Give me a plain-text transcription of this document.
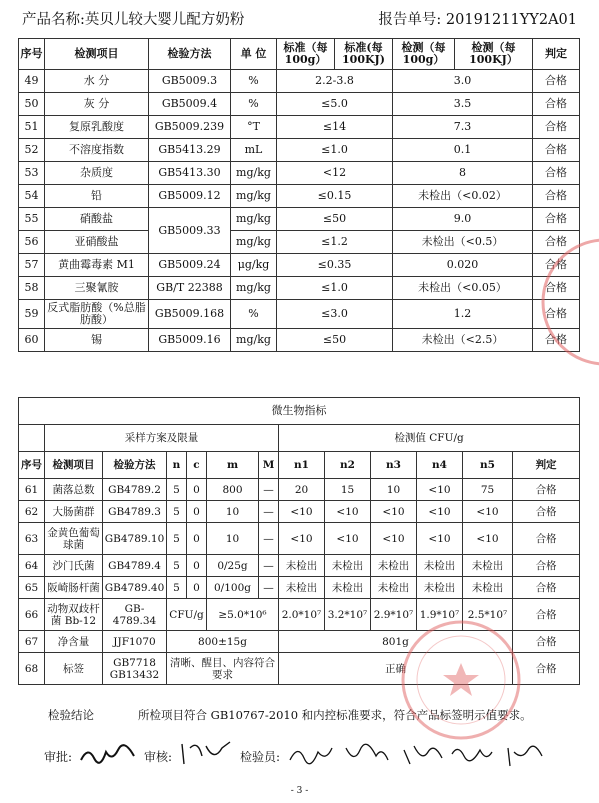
产品名称:英贝儿较大婴儿配方奶粉	报告单号: 20191211YY2A01
序号	检测项目	检验方法	单 位	标准（每100g）	标准(每100KJ)	检测（每100g）	检测（每100KJ）	判定
49	水 分	GB5009.3	%	2.2-3.8		3.0		合格
50	灰 分	GB5009.4	%	≤5.0		3.5		合格
51	复原乳酸度	GB5009.239	°T	≤14		7.3		合格
52	不溶度指数	GB5413.29	mL	≤1.0		0.1		合格
53	杂质度	GB5413.30	mg/kg	<12		8		合格
54	铅	GB5009.12	mg/kg	≤0.15		未检出（<0.02）		合格
55	硝酸盐	GB5009.33	mg/kg	≤50		9.0		合格
56	亚硝酸盐		mg/kg	≤1.2		未检出（<0.5）		合格
57	黄曲霉毒素 M1	GB5009.24	μg/kg	≤0.35		0.020		合格
58	三聚氰胺	GB/T 22388	mg/kg	≤1.0		未检出（<0.05）		合格
59	反式脂肪酸（%总脂肪酸）	GB5009.168	%	≤3.0		1.2		合格
60	锡	GB5009.16	mg/kg	≤50		未检出（<2.5）		合格
微生物指标												
	采样方案及限量						检测值 CFU/g					
序号	检测项目	检验方法	n	c	m	M	n1	n2	n3	n4	n5	判定
61	菌落总数	GB4789.2	5	0	800	—	20	15	10	<10	75	合格
62	大肠菌群	GB4789.3	5	0	10	—	<10	<10	<10	<10	<10	合格
63	金黄色葡萄球菌	GB4789.10	5	0	10	—	<10	<10	<10	<10	<10	合格
64	沙门氏菌	GB4789.4	5	0	0/25g	—	未检出	未检出	未检出	未检出	未检出	合格
65	阪崎肠杆菌	GB4789.40	5	0	0/100g	—	未检出	未检出	未检出	未检出	未检出	合格
66	动物双歧杆菌 Bb-12	GB-4789.34	CFU/g		≥5.0*10⁶		2.0*10⁷	3.2*10⁷	2.9*10⁷	1.9*10⁷	2.5*10⁷	合格
67	净含量	JJF1070	800±15g				801g					合格
68	标签	GB7718 GB13432	清晰、醒目、内容符合要求				正确					合格
检验结论	所检项目符合 GB10767-2010 和内控标准要求，符合产品标签明示值要求。
审批:	审核:	检验员:
- 3 -
